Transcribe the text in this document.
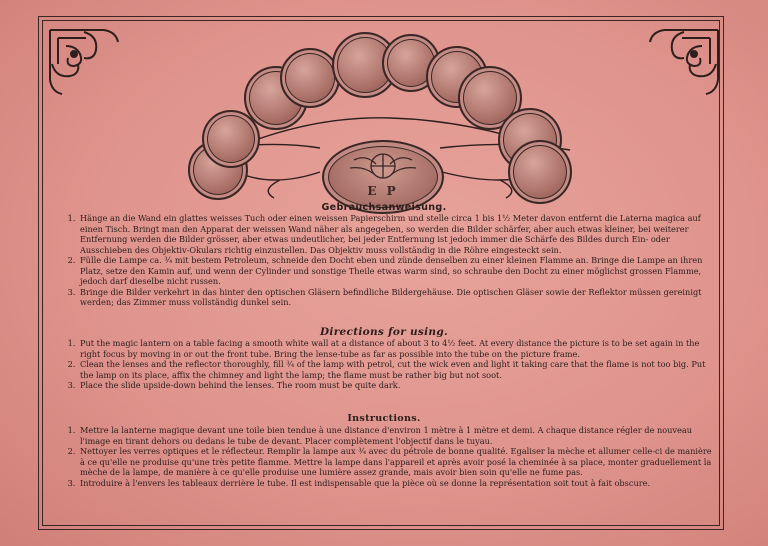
E P
Gebrauchsanweisung.
1. Hänge an die Wand ein glattes weisses Tuch oder einen weissen Papierschirm und stelle circa 1 bis 1½ Meter davon entfernt die Laterna magica auf einen Tisch. Bringt man den Apparat der weissen Wand näher als angegeben, so werden die Bilder schärfer, aber auch etwas kleiner, bei weiterer Entfernung werden die Bilder grösser, aber etwas undeutlicher, bei jeder Entfernung ist jedoch immer die Schärfe des Bildes durch Ein- oder Ausschieben des Objektiv-Okulars richtig einzustellen. Das Objektiv muss vollständig in die Röhre eingesteckt sein.
2. Fülle die Lampe ca. ¾ mit bestem Petroleum, schneide den Docht eben und zünde denselben zu einer kleinen Flamme an. Bringe die Lampe an ihren Platz, setze den Kamin auf, und wenn der Cylinder und sonstige Theile etwas warm sind, so schraube den Docht zu einer möglichst grossen Flamme, jedoch darf dieselbe nicht russen.
3. Bringe die Bilder verkehrt in das hinter den optischen Gläsern befindliche Bildergehäuse. Die optischen Gläser sowie der Reflektor müssen gereinigt werden; das Zimmer muss vollständig dunkel sein.
Directions for using.
1. Put the magic lantern on a table facing a smooth white wall at a distance of about 3 to 4½ feet. At every distance the picture is to be set again in the right focus by moving in or out the front tube. Bring the lense-tube as far as possible into the tube on the picture frame.
2. Clean the lenses and the reflector thoroughly, fill ¾ of the lamp with petrol, cut the wick even and light it taking care that the flame is not too big. Put the lamp on its place, affix the chimney and light the lamp; the flame must be rather big but not soot.
3. Place the slide upside-down behind the lenses. The room must be quite dark.
Instructions.
1. Mettre la lanterne magique devant une toile bien tendue à une distance d'environ 1 mètre à 1 mètre et demi. A chaque distance régler de nouveau l'image en tirant dehors ou dedans le tube de devant. Placer complètement l'objectif dans le tuyau.
2. Nettoyer les verres optiques et le réflecteur. Remplir la lampe aux ¾ avec du pétrole de bonne qualité. Egaliser la mèche et allumer celle-ci de manière à ce qu'elle ne produise qu'une très petite flamme. Mettre la lampe dans l'appareil et après avoir posé la cheminée à sa place, monter graduellement la mèche de la lampe, de manière à ce qu'elle produise une lumière assez grande, mais avoir bien soin qu'elle ne fume pas.
3. Introduire à l'envers les tableaux derrière le tube. Il est indispensable que la pièce où se donne la représentation soit tout à fait obscure.
